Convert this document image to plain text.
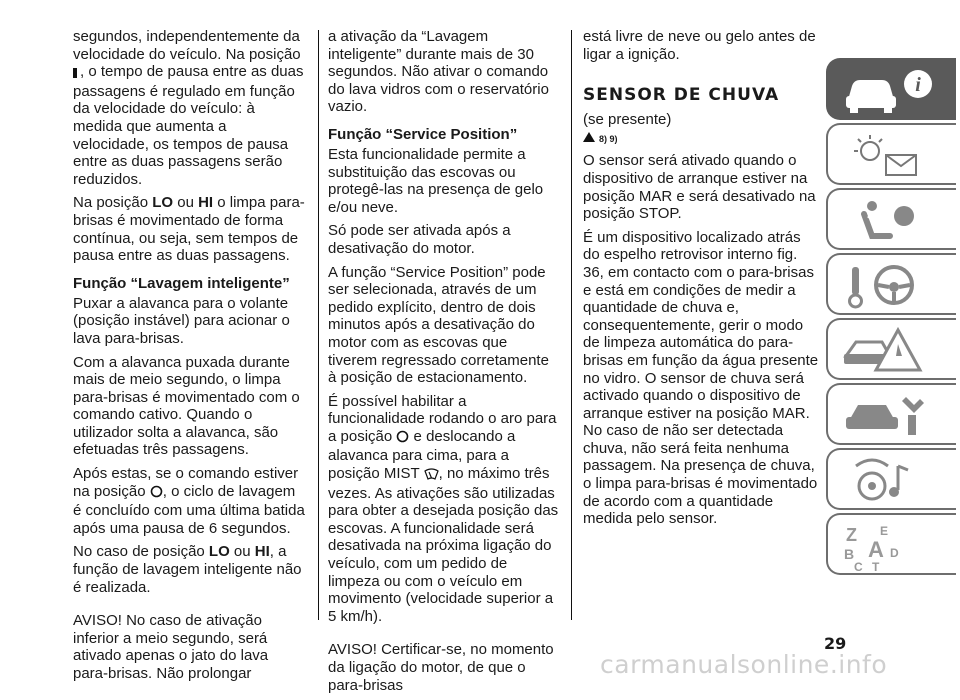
segundos, independentemente da velocidade do veículo. Na posição
, o tempo de pausa entre as duas passagens é regulado em função da velocidade do veículo: à medida que aumenta a velocidade, os tempos de pausa entre as duas passagens serão reduzidos.

Na posição LO ou HI o limpa para-brisas é movimentado de forma contínua, ou seja, sem tempos de pausa entre as duas passagens.

Função “Lavagem inteligente”

Puxar a alavanca para o volante (posição instável) para acionar o lava para-brisas.

Com a alavanca puxada durante mais de meio segundo, o limpa para-brisas é movimentado com o comando cativo. Quando o utilizador solta a alavanca, são efetuadas três passagens.

Após estas, se o comando estiver na posição , o ciclo de lavagem é concluído com uma última batida após uma pausa de 6 segundos.

No caso de posição LO ou HI, a função de lavagem inteligente não é realizada.

AVISO! No caso de ativação inferior a meio segundo, será ativado apenas o jato do lava para-brisas. Não prolongar

a ativação da “Lavagem inteligente” durante mais de 30 segundos. Não ativar o comando do lava vidros com o reservatório vazio.

Função “Service Position”

Esta funcionalidade permite a substituição das escovas ou protegê-las na presença de gelo e/ou neve.

Só pode ser ativada após a desativação do motor.

A função “Service Position” pode ser selecionada, através de um pedido explícito, dentro de dois minutos após a desativação do motor com as escovas que tiverem regressado corretamente à posição de estacionamento.

É possível habilitar a funcionalidade rodando o aro para a posição  e deslocando a alavanca para cima, para a posição MIST , no máximo três vezes. As ativações são utilizadas para obter a desejada posição das escovas. A funcionalidade será desativada na próxima ligação do veículo, com um pedido de limpeza ou com o veículo em movimento (velocidade superior a 5 km/h).

AVISO! Certificar-se, no momento da ligação do motor, de que o para-brisas

está livre de neve ou gelo antes de ligar a ignição.

SENSOR DE CHUVA

(se presente)

8) 9)

O sensor será ativado quando o dispositivo de arranque estiver na posição MAR e será desativado na posição STOP.

É um dispositivo localizado atrás do espelho retrovisor interno fig. 36, em contacto com o para-brisas e está em condições de medir a quantidade de chuva e, consequentemente, gerir o modo de limpeza automática do para-brisas em função da água presente no vidro. O sensor de chuva será activado quando o dispositivo de arranque estiver na posição MAR. No caso de não ser detectada chuva, não será feita nenhuma passagem. Na presença de chuva, o limpa para-brisas é movimentado de acordo com a quantidade medida pelo sensor.

i
Z E
B A D
C T
29
carmanualsonline.info
